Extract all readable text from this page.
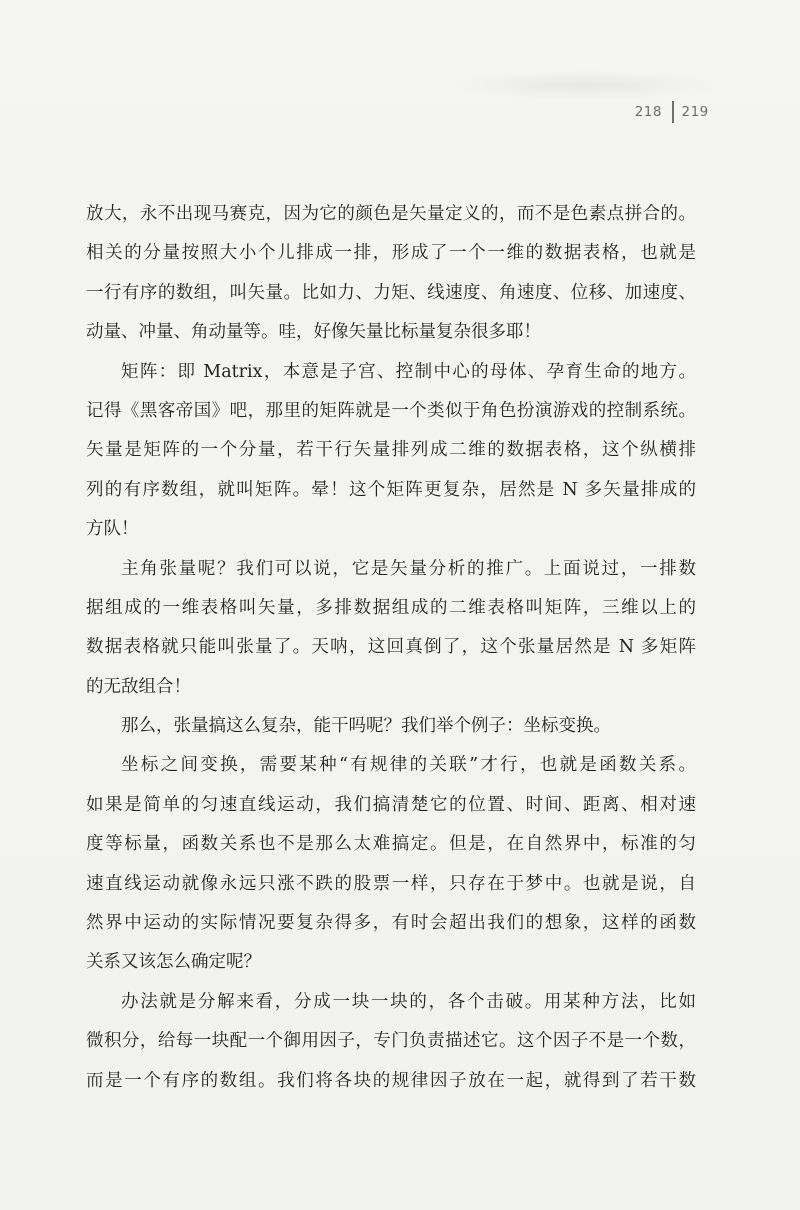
218 219
放大，永不出现马赛克，因为它的颜色是矢量定义的，而不是色素点拼合的。
相关的分量按照大小个儿排成一排，形成了一个一维的数据表格，也就是
一行有序的数组，叫矢量。比如力、力矩、线速度、角速度、位移、加速度、
动量、冲量、角动量等。哇，好像矢量比标量复杂很多耶！
矩阵：即 Matrix，本意是子宫、控制中心的母体、孕育生命的地方。
记得《黑客帝国》吧，那里的矩阵就是一个类似于角色扮演游戏的控制系统。
矢量是矩阵的一个分量，若干行矢量排列成二维的数据表格，这个纵横排
列的有序数组，就叫矩阵。晕！这个矩阵更复杂，居然是 N 多矢量排成的
方队！
主角张量呢？我们可以说，它是矢量分析的推广。上面说过，一排数
据组成的一维表格叫矢量，多排数据组成的二维表格叫矩阵，三维以上的
数据表格就只能叫张量了。天呐，这回真倒了，这个张量居然是 N 多矩阵
的无敌组合！
那么，张量搞这么复杂，能干吗呢？我们举个例子：坐标变换。
坐标之间变换，需要某种“有规律的关联”才行，也就是函数关系。
如果是简单的匀速直线运动，我们搞清楚它的位置、时间、距离、相对速
度等标量，函数关系也不是那么太难搞定。但是，在自然界中，标准的匀
速直线运动就像永远只涨不跌的股票一样，只存在于梦中。也就是说，自
然界中运动的实际情况要复杂得多，有时会超出我们的想象，这样的函数
关系又该怎么确定呢？
办法就是分解来看，分成一块一块的，各个击破。用某种方法，比如
微积分，给每一块配一个御用因子，专门负责描述它。这个因子不是一个数，
而是一个有序的数组。我们将各块的规律因子放在一起，就得到了若干数
